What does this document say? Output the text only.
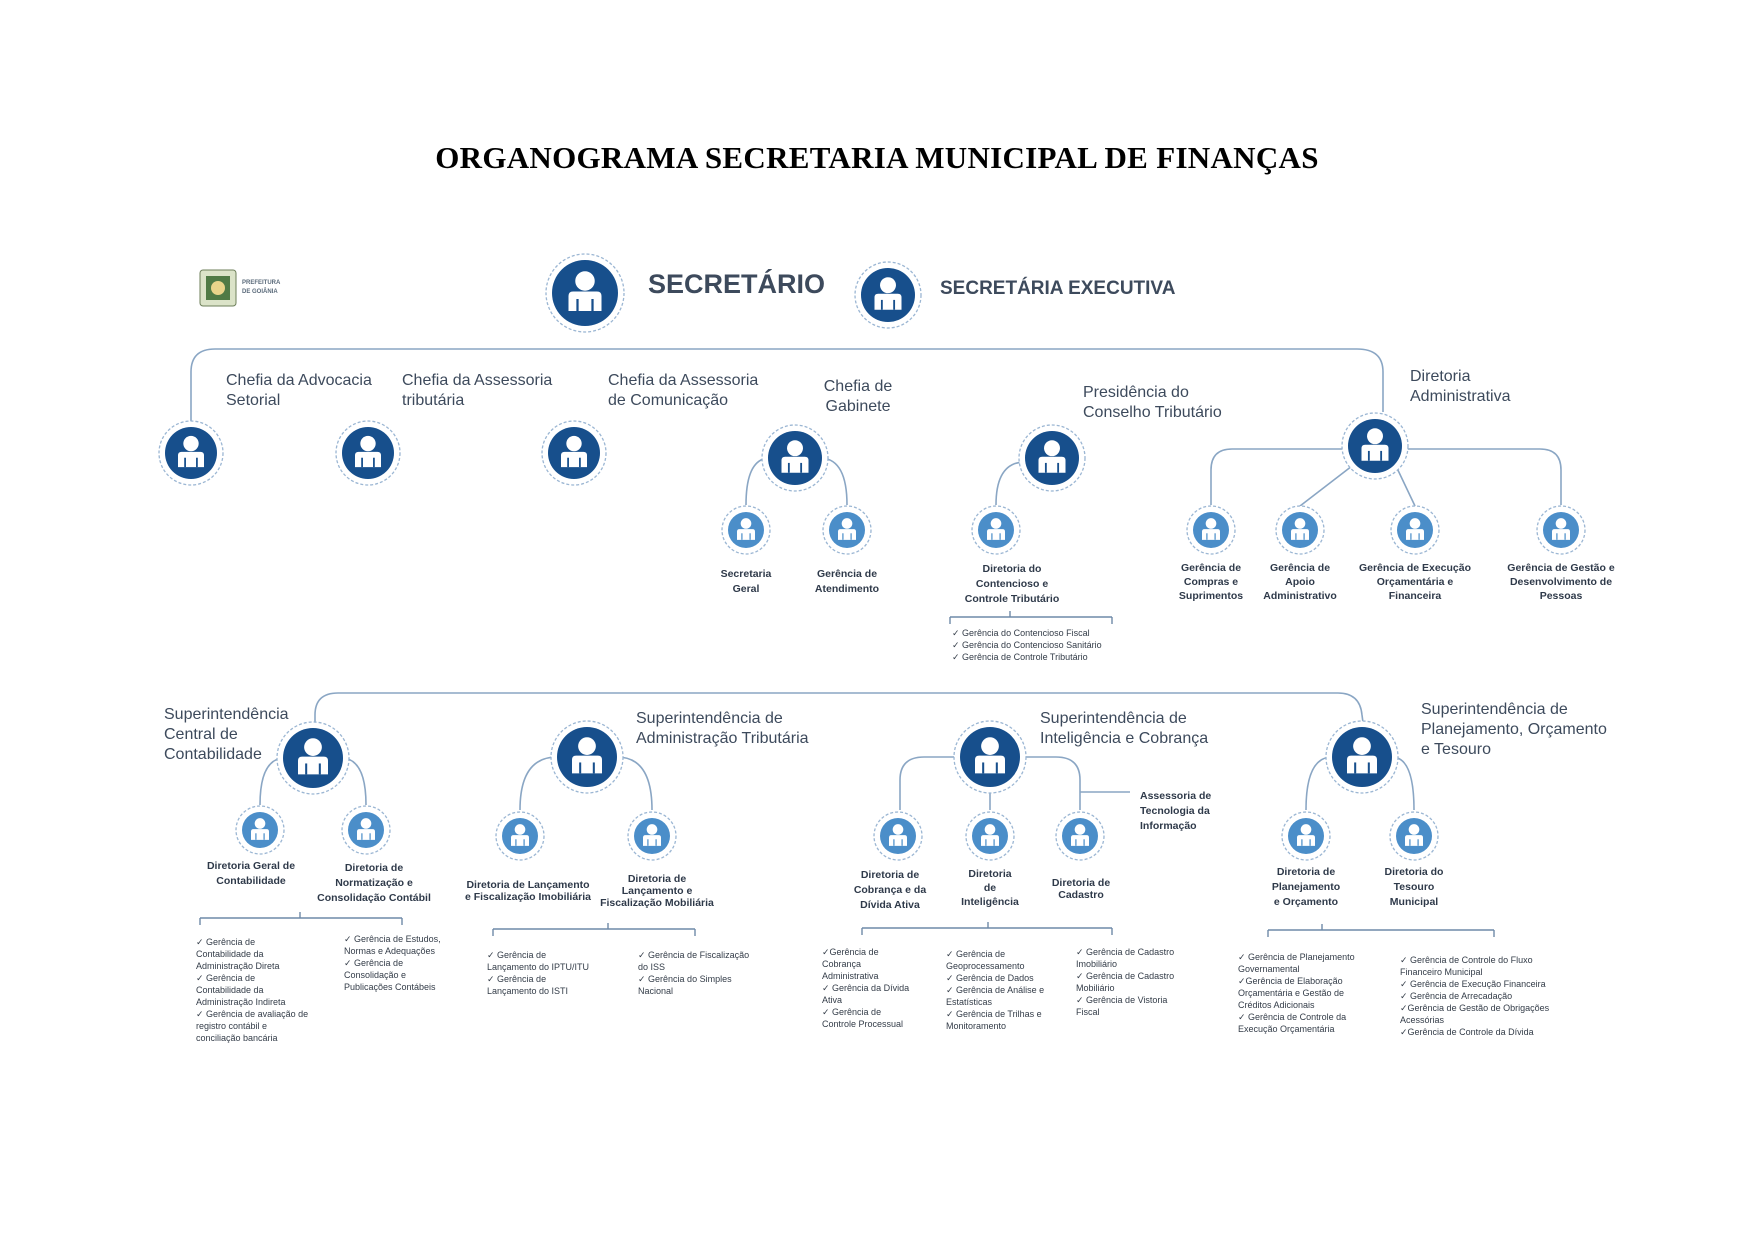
ORGANOGRAMA SECRETARIA MUNICIPAL DE FINANÇAS
PREFEITURA
DE GOIÂNIA	SECRETÁRIO	SECRETÁRIA EXECUTIVA
Chefia da Advocacia Setorial
Chefia da Assessoria tributária
Chefia da Assessoria de Comunicação
Chefia de Gabinete
Presidência do Conselho Tributário
Diretoria Administrativa
Secretaria Geral
Gerência de Atendimento
Diretoria do Contencioso e Controle Tributário
✓ Gerência do Contencioso Fiscal ✓ Gerência do Contencioso Sanitário ✓ Gerência de Controle Tributário
Gerência de Compras e Suprimentos
Gerência de Apoio Administrativo
Gerência de Execução Orçamentária e Financeira
Gerência de Gestão e Desenvolvimento de Pessoas
Superintendência Central de Contabilidade
Diretoria Geral de Contabilidade
Diretoria de Normatização e Consolidação Contábil
✓ Gerência de Contabilidade da Administração Direta ✓ Gerência de Contabilidade da Administração Indireta ✓ Gerência de avaliação de registro contábil e conciliação bancária
✓ Gerência de Estudos, Normas e Adequações ✓ Gerência de Consolidação e Publicações Contábeis
Superintendência de Administração Tributária
Diretoria de Lançamento e Fiscalização Imobiliária
Diretoria de Lançamento e Fiscalização Mobiliária
✓ Gerência de Lançamento do IPTU/ITU ✓ Gerência de Lançamento do ISTI
✓ Gerência de Fiscalização do ISS ✓ Gerência do Simples Nacional
Superintendência de Inteligência e Cobrança
Assessoria de Tecnologia da Informação
Diretoria de Cobrança e da Dívida Ativa
Diretoria de Inteligência
Diretoria de Cadastro
✓Gerência de Cobrança Administrativa ✓ Gerência da Dívida Ativa ✓ Gerência de Controle Processual
✓ Gerência de Geoprocessamento ✓ Gerência de Dados ✓ Gerência de Análise e Estatísticas ✓ Gerência de Trilhas e Monitoramento
✓ Gerência de Cadastro Imobiliário ✓ Gerência de Cadastro Mobiliário ✓ Gerência de Vistoria Fiscal
Superintendência de Planejamento, Orçamento e Tesouro
Diretoria de Planejamento e Orçamento
Diretoria do Tesouro Municipal
✓ Gerência de Planejamento Governamental ✓Gerência de Elaboração Orçamentária e Gestão de Créditos Adicionais ✓ Gerência de Controle da Execução Orçamentária
✓ Gerência de Controle do Fluxo Financeiro Municipal ✓ Gerência de Execução Financeira ✓ Gerência de Arrecadação ✓Gerência de Gestão de Obrigações Acessórias ✓Gerência de Controle da Dívida
